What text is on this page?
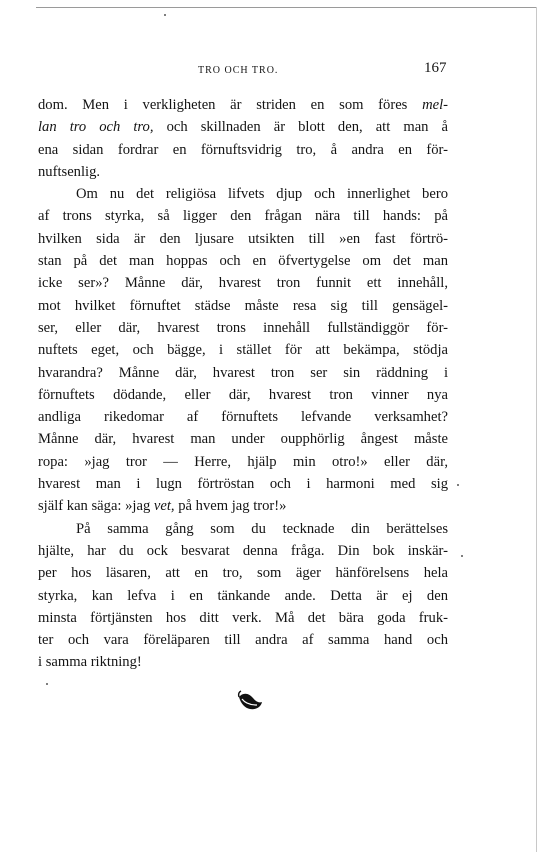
TRO OCH TRO.	167
dom. Men i verkligheten är striden en som föres mel-
lan tro och tro, och skillnaden är blott den, att man å
ena sidan fordrar en förnuftsvidrig tro, å andra en för-
nuftsenlig.
Om nu det religiösa lifvets djup och innerlighet bero
af trons styrka, så ligger den frågan nära till hands: på
hvilken sida är den ljusare utsikten till »en fast förtrö-
stan på det man hoppas och en öfvertygelse om det man
icke ser»? Månne där, hvarest tron funnit ett innehåll,
mot hvilket förnuftet städse måste resa sig till gensägel-
ser, eller där, hvarest trons innehåll fullständiggör för-
nuftets eget, och bägge, i stället för att bekämpa, stödja
hvarandra? Månne där, hvarest tron ser sin räddning i
förnuftets dödande, eller där, hvarest tron vinner nya
andliga rikedomar af förnuftets lefvande verksamhet?
Månne där, hvarest man under oupphörlig ångest måste
ropa: »jag tror — Herre, hjälp min otro!» eller där,
hvarest man i lugn förtröstan och i harmoni med sig
själf kan säga: »jag vet, på hvem jag tror!»
På samma gång som du tecknade din berättelses
hjälte, har du ock besvarat denna fråga. Din bok inskär-
per hos läsaren, att en tro, som äger hänförelsens hela
styrka, kan lefva i en tänkande ande. Detta är ej den
minsta förtjänsten hos ditt verk. Må det bära goda fruk-
ter och vara föreläparen till andra af samma hand och
i samma riktning!
